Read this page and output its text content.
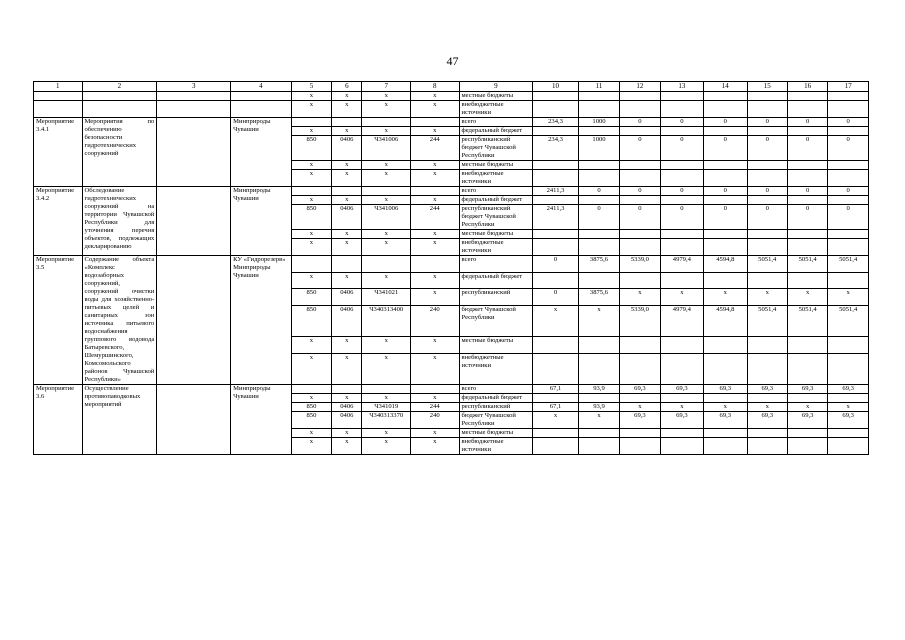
47
1	2	3	4	5	6	7	8	9	10	11	12	13	14	15	16	17
				х	х	х	х	местные бюджеты								
				х	х	х	х	внебюджетные источники								
Мероприятие 3.4.1	Мероприятия по обеспечению безопасности гидротехнических сооружений		Минприроды Чувашии					всего	234,3	1000	0	0	0	0	0	0
				х	х	х	х	федеральный бюджет								
				850	0406	Ч341006	244	республиканский бюджет Чувашской Республики	234,3	1000	0	0	0	0	0	0
				х	х	х	х	местные бюджеты								
				х	х	х	х	внебюджетные источники								
Мероприятие 3.4.2	Обследование гидротехнических сооружений на территории Чувашской Республики для уточнения перечня объектов, подлежащих декларированию		Минприроды Чувашии					всего	2411,3	0	0	0	0	0	0	0
				х	х	х	х	федеральный бюджет								
				850	0406	Ч341006	244	республиканский бюджет Чувашской Республики	2411,3	0	0	0	0	0	0	0
				х	х	х	х	местные бюджеты								
				х	х	х	х	внебюджетные источники								
Мероприятие 3.5	Содержание объекта «Комплекс водозаборных сооружений, сооружений очистки воды для хозяйственно-питьевых целей и санитарных зон источника питьевого водоснабжения группового водовода Батыревского, Шемуршинского, Комсомольского районов Чувашской Республики»		КУ «Гидрорезерв» Минприроды Чувашии					всего	0	3875,6	5339,0	4979,4	4594,8	5051,4	5051,4	5051,4
				х	х	х	х	федеральный бюджет								
				850	0406	Ч341021	х	республиканский	0	3875,6	х	х	х	х	х	х
				850	0406	Ч340313400	240	бюджет Чувашской Республики	х	х	5339,0	4979,4	4594,8	5051,4	5051,4	5051,4
				х	х	х	х	местные бюджеты								
				х	х	х	х	внебюджетные источники								
Мероприятие 3.6	Осуществление противопаводковых мероприятий		Минприроды Чувашии					всего	67,1	93,9	69,3	69,3	69,3	69,3	69,3	69,3
				х	х	х	х	федеральный бюджет								
				850	0406	Ч341019	244	республиканский	67,1	93,9	х	х	х	х	х	х
				850	0406	Ч340313370	240	бюджет Чувашской Республики	х	х	69,3	69,3	69,3	69,3	69,3	69,3
				х	х	х	х	местные бюджеты								
				х	х	х	х	внебюджетные источники								
